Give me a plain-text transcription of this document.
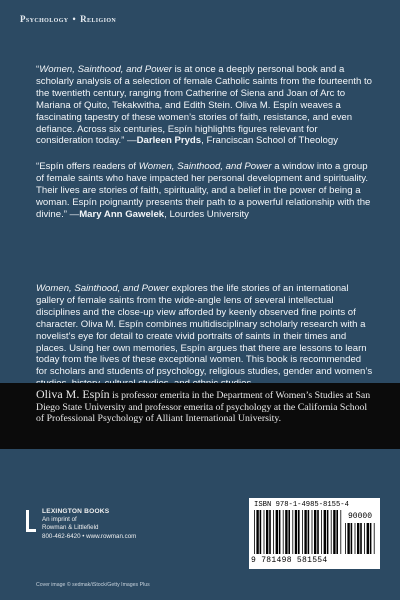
Psychology • Religion
“Women, Sainthood, and Power is at once a deeply personal book and a scholarly analysis of a selection of female Catholic saints from the fourteenth to the twentieth century, ranging from Catherine of Siena and Joan of Arc to Mariana of Quito, Tekakwitha, and Edith Stein. Oliva M. Espín weaves a fascinating tapestry of these women’s stories of faith, resistance, and even defiance. Across six centuries, Espín highlights figures relevant for consideration today.” —Darleen Pryds, Franciscan School of Theology
“Espín offers readers of Women, Sainthood, and Power a window into a group of female saints who have impacted her personal development and spirituality. Their lives are stories of faith, spirituality, and a belief in the power of being a woman. Espín poignantly presents their path to a powerful relationship with the divine.” —Mary Ann Gawelek, Lourdes University
Women, Sainthood, and Power explores the life stories of an international gallery of female saints from the wide-angle lens of several intellectual disciplines and the close-up view afforded by keenly observed fine points of character. Oliva M. Espín combines multidisciplinary scholarly research with a novelist’s eye for detail to create vivid portraits of saints in their times and places. Using her own memories, Espín argues that there are lessons to learn today from the lives of these exceptional women. This book is recommended for scholars and students of psychology, religious studies, gender and women’s
Oliva M. Espín is professor emerita in the Department of Women’s Studies at San Diego State University and professor emerita of psychology at the California School of Professional Psychology of Alliant International University.
LEXINGTON BOOKS
An imprint of
Rowman & Littlefield
800-462-6420 • www.rowman.com
Cover image © sedmak/iStock/Getty Images Plus
ISBN 978-1-4985-8155-4
90000
9 781498 581554
